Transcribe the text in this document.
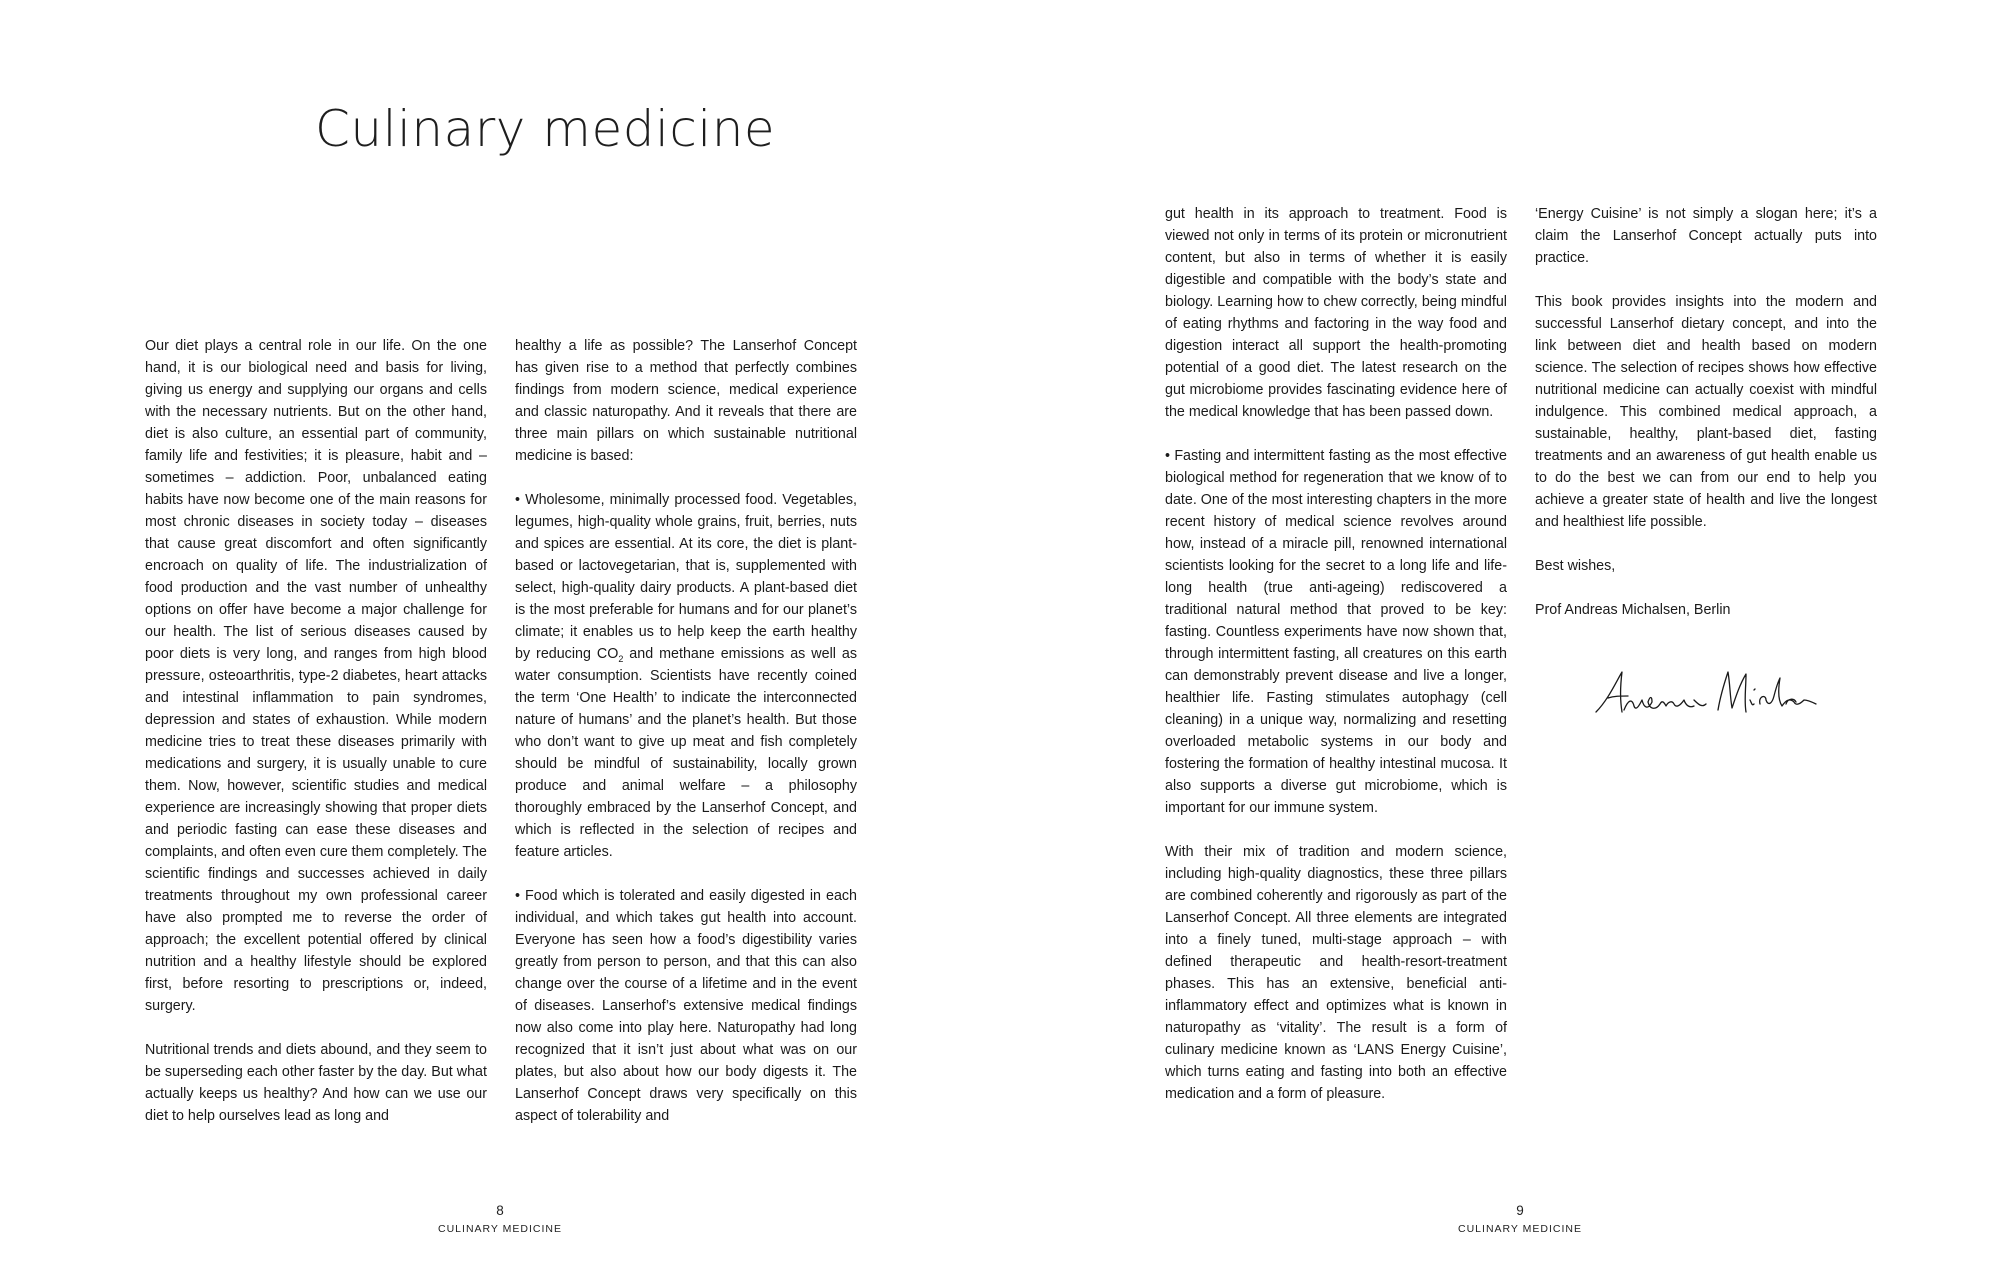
Culinary medicine

Our diet plays a central role in our life. On the one hand, it is our biological need and basis for living, giving us energy and supplying our organs and cells with the necessary nutrients. But on the other hand, diet is also culture, an essential part of community, family life and festivities; it is pleasure, habit and – sometimes – addiction. Poor, unbalanced eating habits have now become one of the main reasons for most chronic diseases in society today – diseases that cause great discomfort and often significantly encroach on quality of life. The industrialization of food production and the vast number of unhealthy options on offer have become a major challenge for our health. The list of serious diseases caused by poor diets is very long, and ranges from high blood pressure, osteoarthritis, type-2 diabetes, heart attacks and intestinal inflammation to pain syndromes, depression and states of exhaustion. While modern medicine tries to treat these diseases primarily with medications and surgery, it is usually unable to cure them. Now, however, scientific studies and medical experience are increasingly showing that proper diets and periodic fasting can ease these diseases and complaints, and often even cure them completely. The scientific findings and successes achieved in daily treatments throughout my own professional career have also prompted me to reverse the order of approach; the excellent potential offered by clinical nutrition and a healthy lifestyle should be explored first, before resorting to prescriptions or, indeed, surgery.

Nutritional trends and diets abound, and they seem to be superseding each other faster by the day. But what actually keeps us healthy? And how can we use our diet to help ourselves lead as long and

healthy a life as possible? The Lanserhof Concept has given rise to a method that perfectly combines findings from modern science, medical experience and classic naturopathy. And it reveals that there are three main pillars on which sustainable nutritional medicine is based:

• Wholesome, minimally processed food. Vegetables, legumes, high-quality whole grains, fruit, berries, nuts and spices are essential. At its core, the diet is plant-based or lactovegetarian, that is, supplemented with select, high-quality dairy products. A plant-based diet is the most preferable for humans and for our planet’s climate; it enables us to help keep the earth healthy by reducing $CO_2$ and methane emissions as well as water consumption. Scientists have recently coined the term ‘One Health’ to indicate the interconnected nature of humans’ and the planet’s health. But those who don’t want to give up meat and fish completely should be mindful of sustainability, locally grown produce and animal welfare – a philosophy thoroughly embraced by the Lanserhof Concept, and which is reflected in the selection of recipes and feature articles.

• Food which is tolerated and easily digested in each individual, and which takes gut health into account. Everyone has seen how a food’s digestibility varies greatly from person to person, and that this can also change over the course of a lifetime and in the event of diseases. Lanserhof’s extensive medical findings now also come into play here. Naturopathy had long recognized that it isn’t just about what was on our plates, but also about how our body digests it. The Lanserhof Concept draws very specifically on this aspect of tolerability and

8
CULINARY MEDICINE

gut health in its approach to treatment. Food is viewed not only in terms of its protein or micronutrient content, but also in terms of whether it is easily digestible and compatible with the body’s state and biology. Learning how to chew correctly, being mindful of eating rhythms and factoring in the way food and digestion interact all support the health-promoting potential of a good diet. The latest research on the gut microbiome provides fascinating evidence here of the medical knowledge that has been passed down.

• Fasting and intermittent fasting as the most effective biological method for regeneration that we know of to date. One of the most interesting chapters in the more recent history of medical science revolves around how, instead of a miracle pill, renowned international scientists looking for the secret to a long life and life-long health (true anti-ageing) rediscovered a traditional natural method that proved to be key: fasting. Countless experiments have now shown that, through intermittent fasting, all creatures on this earth can demonstrably prevent disease and live a longer, healthier life. Fasting stimulates autophagy (cell cleaning) in a unique way, normalizing and resetting overloaded metabolic systems in our body and fostering the formation of healthy intestinal mucosa. It also supports a diverse gut microbiome, which is important for our immune system.

With their mix of tradition and modern science, including high-quality diagnostics, these three pillars are combined coherently and rigorously as part of the Lanserhof Concept. All three elements are integrated into a finely tuned, multi-stage approach – with defined therapeutic and health-resort-treatment phases. This has an extensive, beneficial anti-inflammatory effect and optimizes what is known in naturopathy as ‘vitality’. The result is a form of culinary medicine known as ‘LANS Energy Cuisine’, which turns eating and fasting into both an effective medication and a form of pleasure.

‘Energy Cuisine’ is not simply a slogan here; it’s a claim the Lanserhof Concept actually puts into practice.

This book provides insights into the modern and successful Lanserhof dietary concept, and into the link between diet and health based on modern science. The selection of recipes shows how effective nutritional medicine can actually coexist with mindful indulgence. This combined medical approach, a sustainable, healthy, plant-based diet, fasting treatments and an awareness of gut health enable us to do the best we can from our end to help you achieve a greater state of health and live the longest and healthiest life possible.

Best wishes,

Prof Andreas Michalsen, Berlin

9
CULINARY MEDICINE
